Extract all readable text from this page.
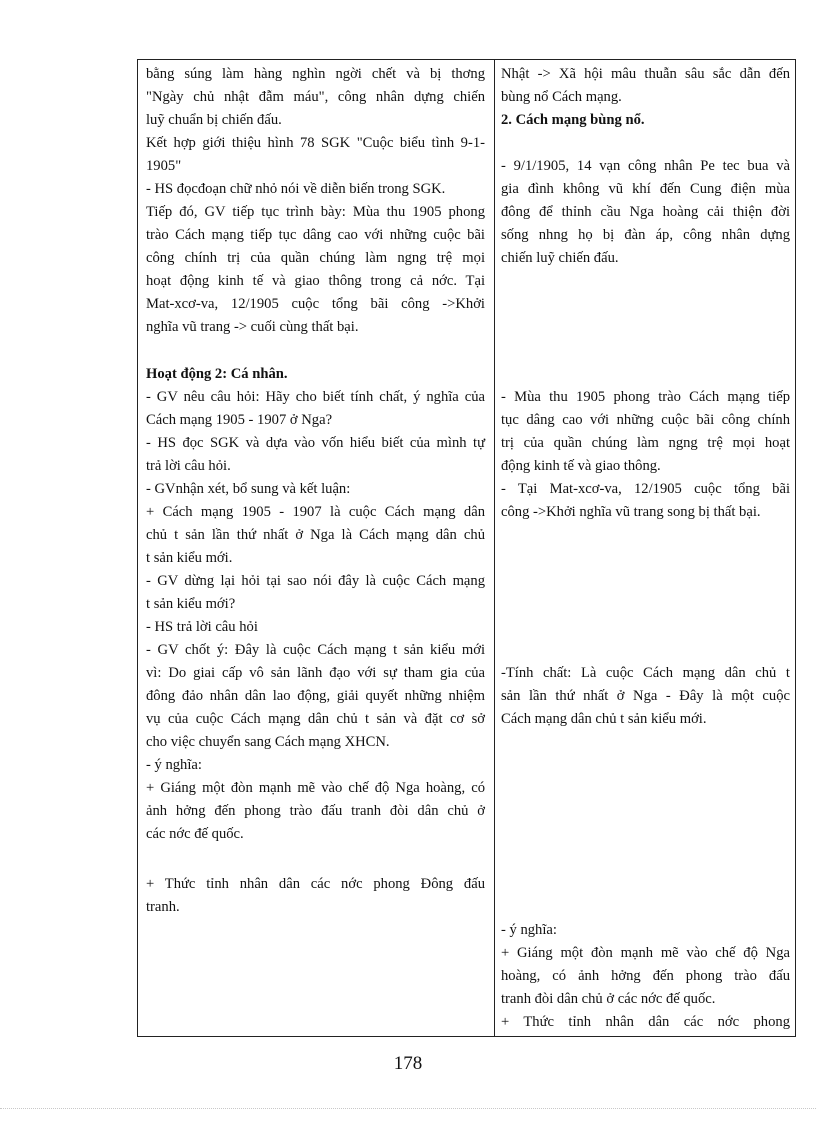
bằng súng làm hàng nghìn ngời chết và bị thơng
"Ngày chủ nhật đẫm máu", công nhân dựng chiến
luỹ chuẩn bị chiến đấu.
Kết hợp giới thiệu hình 78 SGK "Cuộc biểu tình 9-1-
1905"
- HS đọcđoạn chữ nhỏ nói về diễn biến trong SGK.
Tiếp đó, GV tiếp tục trình bày: Mùa thu 1905 phong
trào Cách mạng tiếp tục dâng cao với những cuộc bãi
công chính trị của quần chúng làm ngng trệ mọi
hoạt động kinh tế và giao thông trong cả nớc. Tại
Mat-xcơ-va, 12/1905 cuộc tổng bãi công ->Khởi
nghĩa vũ trang -> cuối cùng thất bại.
Hoạt động 2: Cá nhân.
- GV nêu câu hỏi: Hãy cho biết tính chất, ý nghĩa của
Cách mạng 1905 - 1907 ở Nga?
- HS đọc SGK và dựa vào vốn hiểu biết của mình tự
trả lời câu hỏi.
- GVnhận xét, bổ sung và kết luận:
+ Cách mạng 1905 - 1907 là cuộc Cách mạng dân
chủ t sản lần thứ nhất ở Nga là Cách mạng dân chủ
t sản kiểu mới.
- GV dừng lại hỏi tại sao nói đây là cuộc Cách mạng
t sản kiểu mới?
- HS trả lời câu hỏi
- GV chốt ý: Đây là cuộc Cách mạng t sản kiểu mới
vì: Do giai cấp vô sản lãnh đạo với sự tham gia của
đông đảo nhân dân lao động, giải quyết những nhiệm
vụ của cuộc Cách mạng dân chủ t sản và đặt cơ sở
cho việc chuyển sang Cách mạng XHCN.
- ý nghĩa:
+ Giáng một đòn mạnh mẽ vào chế độ Nga hoàng, có
ảnh hởng đến phong trào đấu tranh đòi dân chủ ở
các nớc đế quốc.
+ Thức tỉnh nhân dân các nớc phong Đông đấu
tranh.
Nhật -> Xã hội mâu thuẫn sâu sắc dẫn đến
bùng nổ Cách mạng.
2. Cách mạng bùng nổ.
- 9/1/1905, 14 vạn công nhân Pe tec bua và
gia đình không vũ khí đến Cung điện mùa
đông để thỉnh cầu Nga hoàng cải thiện đời
sống nhng họ bị đàn áp, công nhân dựng
chiến luỹ chiến đấu.
- Mùa thu 1905 phong trào Cách mạng tiếp
tục dâng cao với những cuộc bãi công chính
trị của quần chúng làm ngng trệ mọi hoạt
động kinh tế và giao thông.
- Tại Mat-xcơ-va, 12/1905 cuộc tổng bãi
công ->Khởi nghĩa vũ trang song bị thất bại.
-Tính chất: Là cuộc Cách mạng dân chủ t
sản lần thứ nhất ở Nga - Đây là một cuộc
Cách mạng dân chủ t sản kiểu mới.
- ý nghĩa:
+ Giáng một đòn mạnh mẽ vào chế độ Nga
hoàng, có ảnh hởng đến phong trào đấu
tranh đòi dân chủ ở các nớc đế quốc.
+ Thức tỉnh nhân dân các nớc phong
178
